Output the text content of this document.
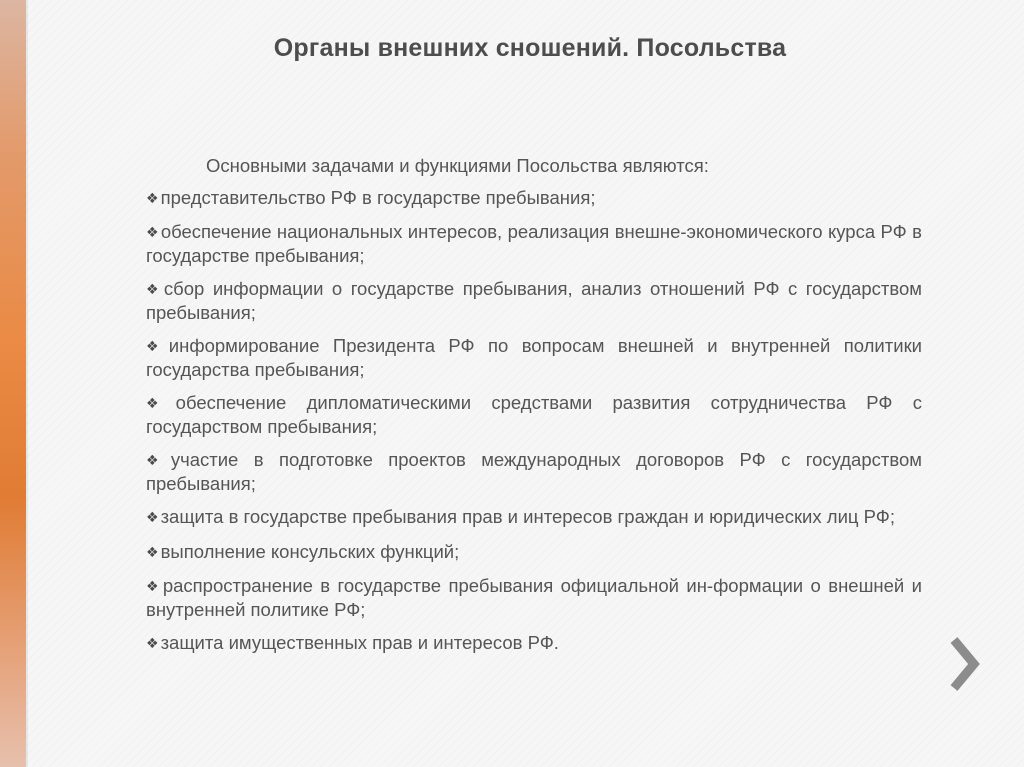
Органы внешних сношений. Посольства

Основными задачами и функциями Посольства являются:

❖ представительство РФ в государстве пребывания;
❖ обеспечение национальных интересов, реализация внешне-экономического курса РФ в государстве пребывания;
❖ сбор информации о государстве пребывания, анализ отношений РФ с государством пребывания;
❖ информирование Президента РФ по вопросам внешней и внутренней политики государства пребывания;
❖ обеспечение дипломатическими средствами развития сотрудничества РФ с государством пребывания;
❖ участие в подготовке проектов международных договоров РФ с государством пребывания;
❖ защита в государстве пребывания прав и интересов граждан и юридических лиц РФ;
❖ выполнение консульских функций;
❖ распространение в государстве пребывания официальной ин-формации о внешней и внутренней политике РФ;
❖ защита имущественных прав и интересов РФ.
